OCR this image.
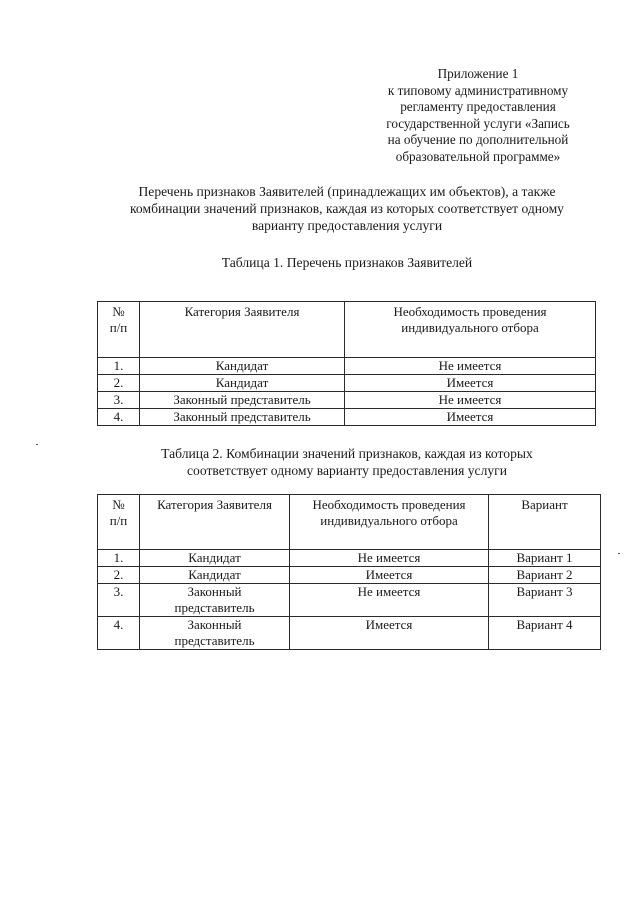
Приложение 1
к типовому административному
регламенту предоставления
государственной услуги «Запись
на обучение по дополнительной
образовательной программе»
Перечень признаков Заявителей (принадлежащих им объектов), а также
комбинации значений признаков, каждая из которых соответствует одному
варианту предоставления услуги
Таблица 1. Перечень признаков Заявителей
№ п/п	Категория Заявителя	Необходимость проведения индивидуального отбора
1.	Кандидат	Не имеется
2.	Кандидат	Имеется
3.	Законный представитель	Не имеется
4.	Законный представитель	Имеется
Таблица 2. Комбинации значений признаков, каждая из которых
соответствует одному варианту предоставления услуги
№ п/п	Категория Заявителя	Необходимость проведения индивидуального отбора	Вариант
1.	Кандидат	Не имеется	Вариант 1
2.	Кандидат	Имеется	Вариант 2
3.	Законный представитель	Не имеется	Вариант 3
4.	Законный представитель	Имеется	Вариант 4
